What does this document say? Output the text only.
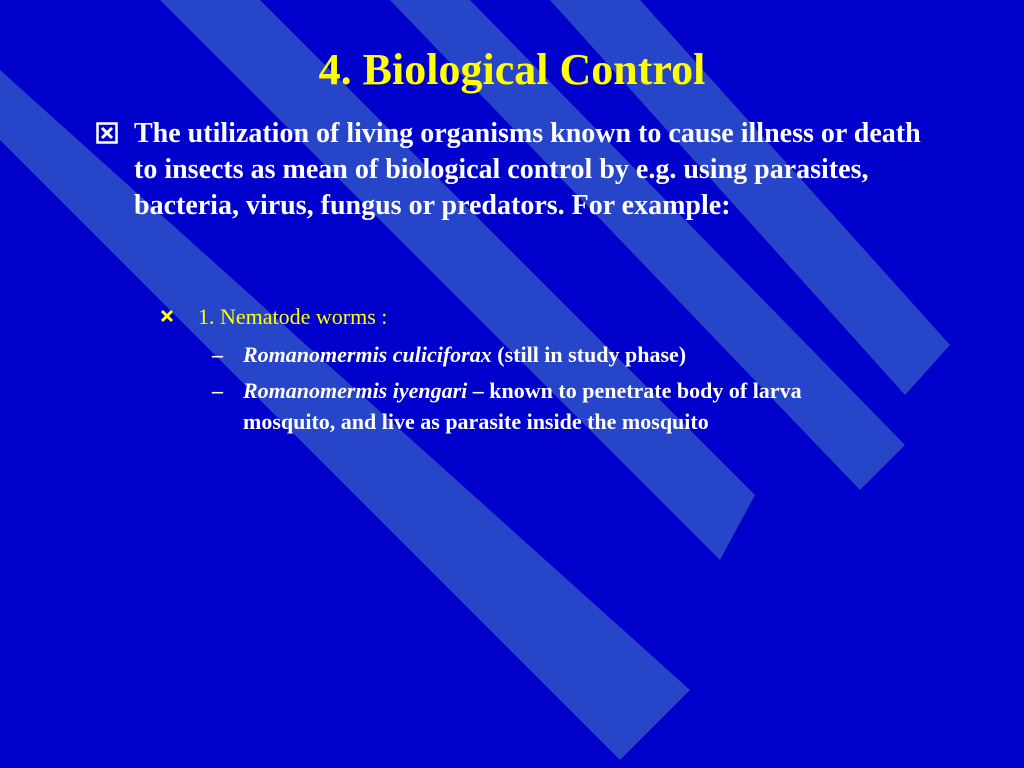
4. Biological Control

The utilization of living organisms known to cause illness or death to insects as mean of biological control by e.g. using parasites, bacteria, virus, fungus or predators. For example:

1. Nematode worms :

– Romanomermis culiciforax (still in study phase)
– Romanomermis iyengari – known to penetrate body of larva mosquito, and live as parasite inside the mosquito
